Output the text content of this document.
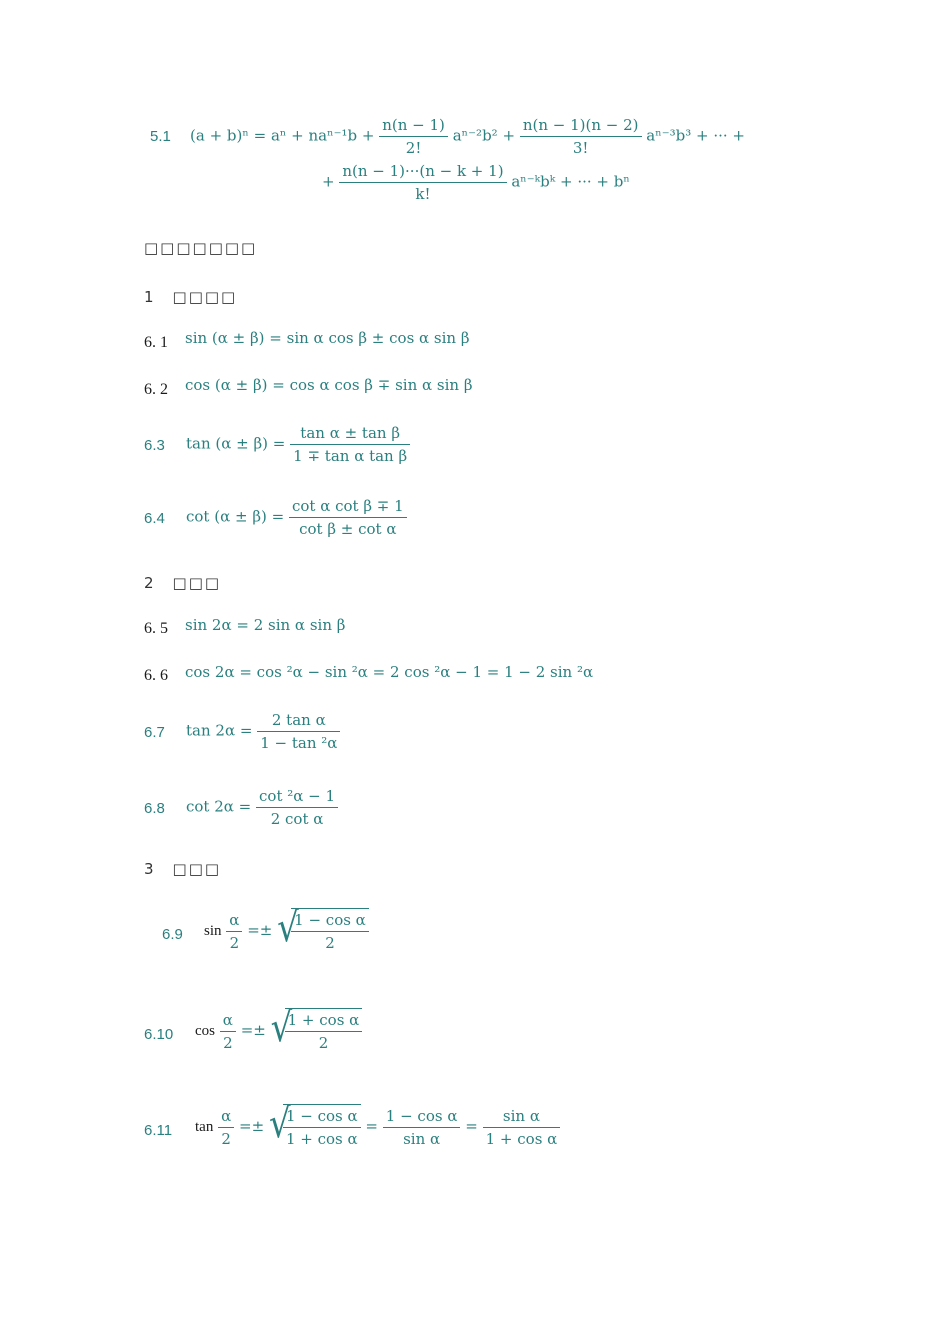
5.1 $(a + b)^n = a^n + na^{n-1}b + \frac{n(n - 1)}{2!} a^{n-2}b^2 + \frac{n(n - 1)(n - 2)}{3!} a^{n-3}b^3$ + ··· +
+ $\frac{n(n - 1)\cdot\cdot\cdot(n - k + 1)}{k!}$ aⁿ⁻ᵏbᵏ + ··· + bⁿ
□□□□□□□
1　□□□□
6. 1 sin (α ± β) = sin α cos β ± cos α sin β
6. 2 cos (α ± β) = cos α cos β ∓ sin α sin β
6.3 $\tan (\alpha \pm \beta) = \frac{\text{tan α ± tan β}}{\text{1 ∓ tan α tan β}}$
6.4 $\cot (\alpha \pm \beta) = \frac{\text{cot α cot β ∓ 1}}{\text{cot β ± cot α}}$
2　□□□
6. 5 sin 2α = 2 sin α sin β
6. 6 cos 2α = cos ²α − sin ²α = 2 cos ²α − 1 = 1 − 2 sin ²α
6.7 $\tan 2\alpha = \frac{\text{2 tan α}}{\text{1 − tan ²α}}$
6.8 $\cot 2\alpha = \frac{\text{cot ²α − 1}}{\text{2 cot α}}$
3　□□□
6.9 $\sin \frac{\alpha}{2}$ =± √
$\frac{\text{1 − cos α}}{2}$
6.10 $\cos \frac{\alpha}{2}$ =± √
$\frac{\text{1 + cos α}}{2}$
6.11 $\tan \frac{\alpha}{2}$ =± √
$\frac{\text{1 − cos α}}{\text{1 + cos α}} = \frac{\text{1 − cos α}}{\text{sin α}} = \frac{\text{sin α}}{\text{1 + cos α}}$
